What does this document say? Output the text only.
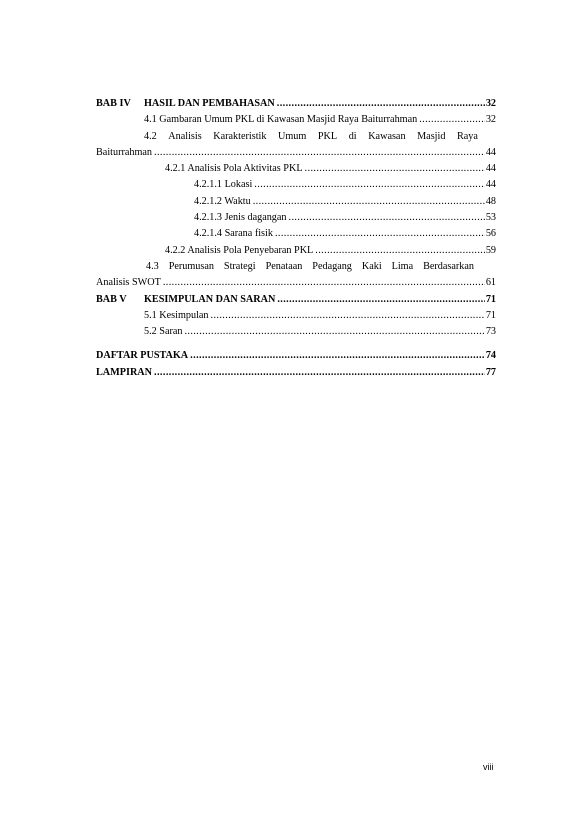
BAB IV HASIL DAN PEMBAHASAN .....	32
4.1 Gambaran Umum PKL di Kawasan Masjid Raya Baiturrahman .....	32
4.2 Analisis Karakteristik Umum PKL di Kawasan Masjid Raya
Baiturrahman .....	44
4.2.1 Analisis Pola Aktivitas PKL .....	44
4.2.1.1 Lokasi .....	44
4.2.1.2 Waktu .....	48
4.2.1.3 Jenis dagangan .....	53
4.2.1.4 Sarana fisik .....	56
4.2.2 Analisis Pola Penyebaran PKL .....	59
4.3 Perumusan Strategi Penataan Pedagang Kaki Lima Berdasarkan
Analisis SWOT .....	61
BAB V KESIMPULAN DAN SARAN .....	71
5.1 Kesimpulan .....	71
5.2 Saran .....	73
DAFTAR PUSTAKA .....	74
LAMPIRAN .....	77
viii
